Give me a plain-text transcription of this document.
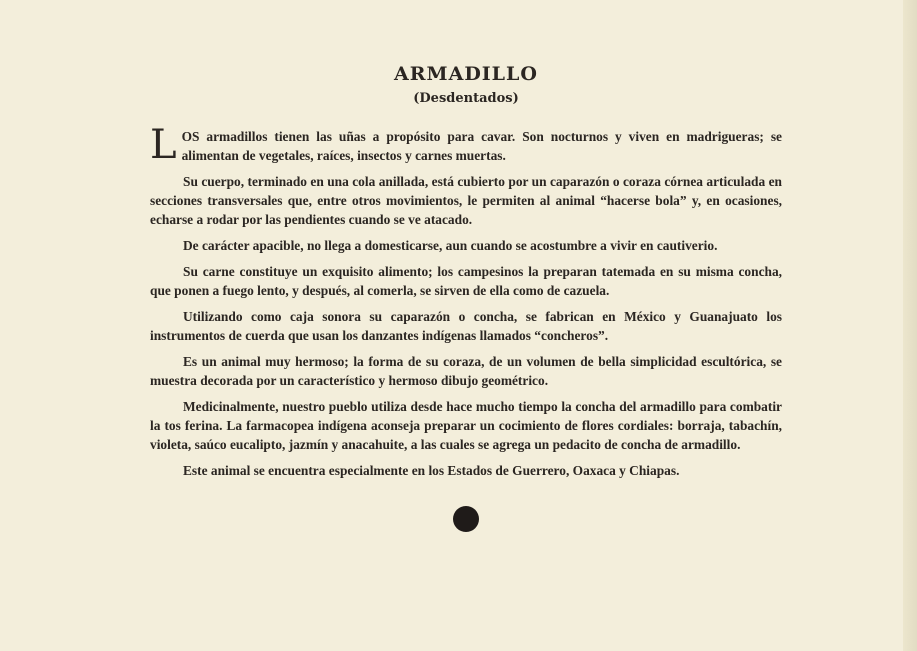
ARMADILLO
(Desdentados)

LOS armadillos tienen las uñas a propósito para cavar. Son nocturnos y viven en madrigueras; se alimentan de vegetales, raíces, insectos y carnes muertas.

Su cuerpo, terminado en una cola anillada, está cubierto por un caparazón o coraza córnea articulada en secciones transversales que, entre otros movimientos, le permiten al animal “hacerse bola” y, en ocasiones, echarse a rodar por las pendientes cuando se ve atacado.

De carácter apacible, no llega a domesticarse, aun cuando se acostumbre a vivir en cautiverio.

Su carne constituye un exquisito alimento; los campesinos la preparan tatemada en su misma concha, que ponen a fuego lento, y después, al comerla, se sirven de ella como de cazuela.

Utilizando como caja sonora su caparazón o concha, se fabrican en México y Guanajuato los instrumentos de cuerda que usan los danzantes indígenas llamados “concheros”.

Es un animal muy hermoso; la forma de su coraza, de un volumen de bella simplicidad escultórica, se muestra decorada por un característico y hermoso dibujo geométrico.

Medicinalmente, nuestro pueblo utiliza desde hace mucho tiempo la concha del armadillo para combatir la tos ferina. La farmacopea indígena aconseja preparar un cocimiento de flores cordiales: borraja, tabachín, violeta, saúco eucalipto, jazmín y anacahuite, a las cuales se agrega un pedacito de concha de armadillo.

Este animal se encuentra especialmente en los Estados de Guerrero, Oaxaca y Chiapas.
